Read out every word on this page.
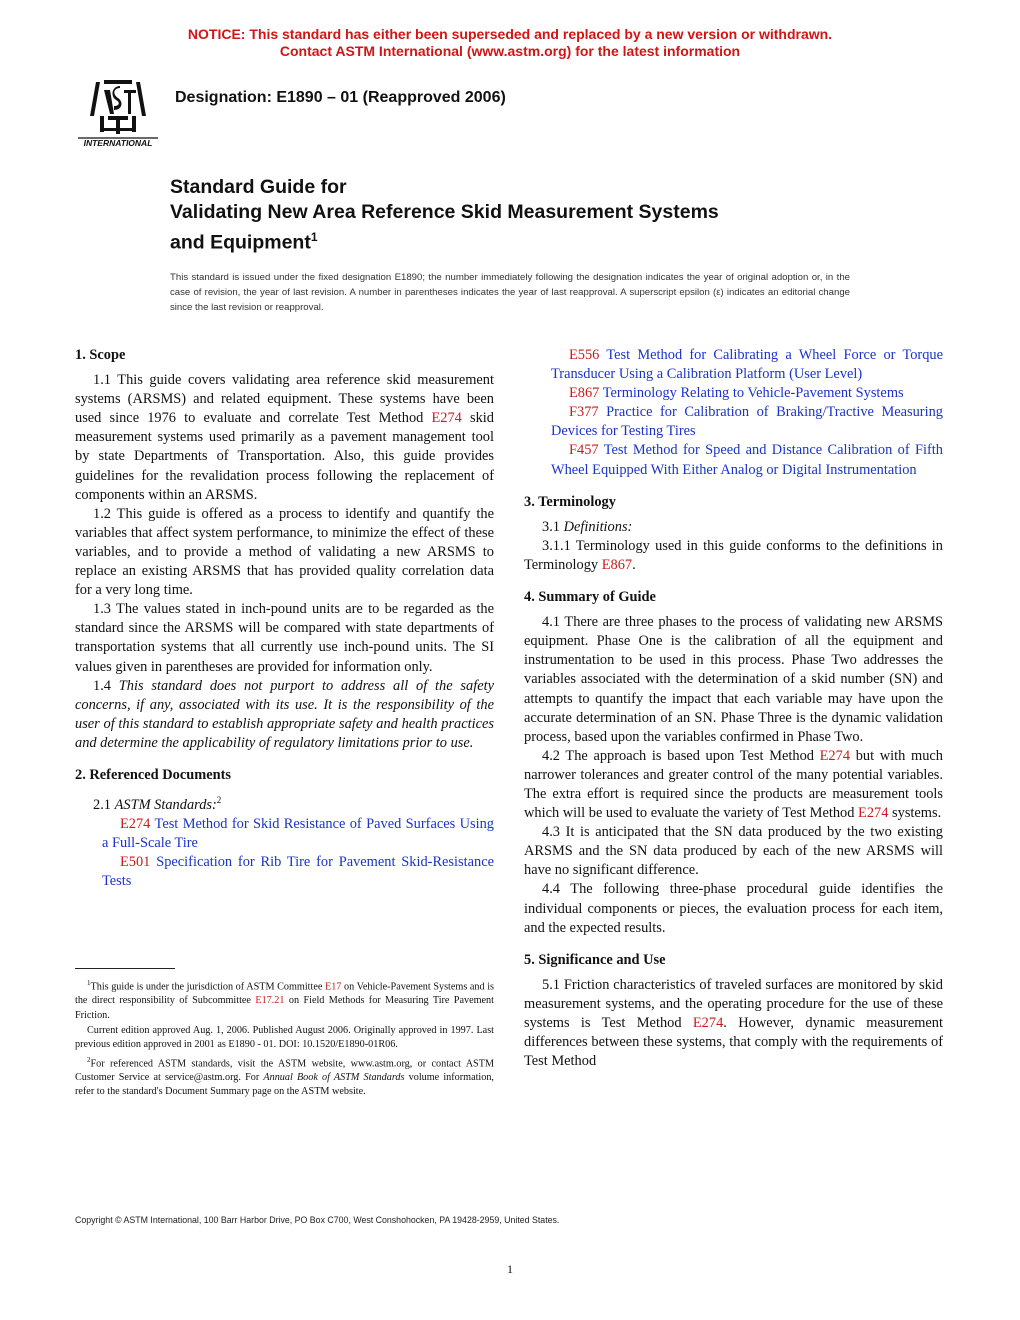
NOTICE: This standard has either been superseded and replaced by a new version or withdrawn.
Contact ASTM International (www.astm.org) for the latest information
INTERNATIONAL
Designation: E1890 – 01 (Reapproved 2006)
Standard Guide for
Validating New Area Reference Skid Measurement Systems
and Equipment$^1$
This standard is issued under the fixed designation E1890; the number immediately following the designation indicates the year of original adoption or, in the case of revision, the year of last revision. A number in parentheses indicates the year of last reapproval. A superscript epsilon (ε) indicates an editorial change since the last revision or reapproval.
1. Scope

1.1 This guide covers validating area reference skid measurement systems (ARSMS) and related equipment. These systems have been used since 1976 to evaluate and correlate Test Method E274 skid measurement systems used primarily as a pavement management tool by state Departments of Transportation. Also, this guide provides guidelines for the revalidation process following the replacement of components within an ARSMS.

1.2 This guide is offered as a process to identify and quantify the variables that affect system performance, to minimize the effect of these variables, and to provide a method of validating a new ARSMS to replace an existing ARSMS that has provided quality correlation data for a very long time.

1.3 The values stated in inch-pound units are to be regarded as the standard since the ARSMS will be compared with state departments of transportation systems that all currently use inch-pound units. The SI values given in parentheses are provided for information only.

1.4 This standard does not purport to address all of the safety concerns, if any, associated with its use. It is the responsibility of the user of this standard to establish appropriate safety and health practices and determine the applicability of regulatory limitations prior to use.

2. Referenced Documents

2.1 ASTM Standards:$^2$

E274 Test Method for Skid Resistance of Paved Surfaces Using a Full-Scale Tire

E501 Specification for Rib Tire for Pavement Skid-Resistance Tests

$^1$This guide is under the jurisdiction of ASTM Committee E17 on Vehicle-Pavement Systems and is the direct responsibility of Subcommittee E17.21 on Field Methods for Measuring Tire Pavement Friction.

Current edition approved Aug. 1, 2006. Published August 2006. Originally approved in 1997. Last previous edition approved in 2001 as E1890 - 01. DOI: 10.1520/E1890-01R06.

$^2$For referenced ASTM standards, visit the ASTM website, www.astm.org, or contact ASTM Customer Service at service@astm.org. For Annual Book of ASTM Standards volume information, refer to the standard's Document Summary page on the ASTM website.

E556 Test Method for Calibrating a Wheel Force or Torque Transducer Using a Calibration Platform (User Level)

E867 Terminology Relating to Vehicle-Pavement Systems

F377 Practice for Calibration of Braking/Tractive Measuring Devices for Testing Tires

F457 Test Method for Speed and Distance Calibration of Fifth Wheel Equipped With Either Analog or Digital Instrumentation

3. Terminology

3.1 Definitions:

3.1.1 Terminology used in this guide conforms to the definitions in Terminology E867.

4. Summary of Guide

4.1 There are three phases to the process of validating new ARSMS equipment. Phase One is the calibration of all the equipment and instrumentation to be used in this process. Phase Two addresses the variables associated with the determination of a skid number (SN) and attempts to quantify the impact that each variable may have upon the accurate determination of an SN. Phase Three is the dynamic validation process, based upon the variables confirmed in Phase Two.

4.2 The approach is based upon Test Method E274 but with much narrower tolerances and greater control of the many potential variables. The extra effort is required since the products are measurement tools which will be used to evaluate the variety of Test Method E274 systems.

4.3 It is anticipated that the SN data produced by the two existing ARSMS and the SN data produced by each of the new ARSMS will have no significant difference.

4.4 The following three-phase procedural guide identifies the individual components or pieces, the evaluation process for each item, and the expected results.

5. Significance and Use

5.1 Friction characteristics of traveled surfaces are monitored by skid measurement systems, and the operating procedure for the use of these systems is Test Method E274. However, dynamic measurement differences between these systems, that comply with the requirements of Test Method

Copyright © ASTM International, 100 Barr Harbor Drive, PO Box C700, West Conshohocken, PA 19428-2959, United States.
1
